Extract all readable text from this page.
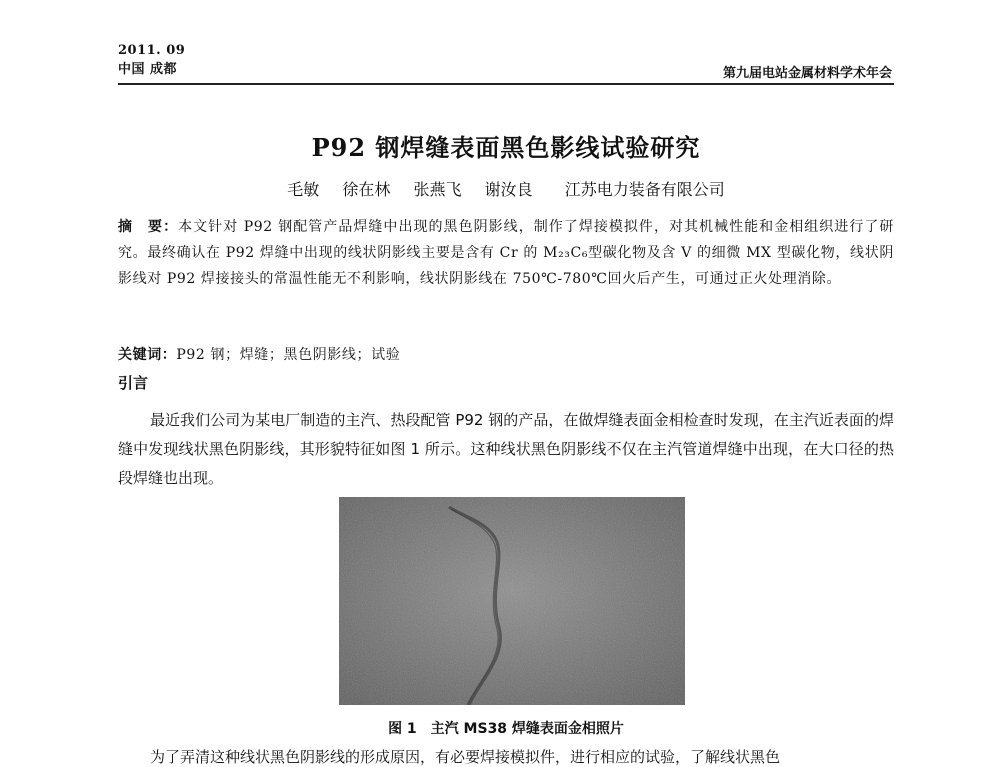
2011. 09
中国 成都	第九届电站金属材料学术年会
P92 钢焊缝表面黑色影线试验研究
毛敏 徐在林 张燕飞 谢汝良 江苏电力装备有限公司
摘　要：本文针对 P92 钢配管产品焊缝中出现的黑色阴影线，制作了焊接模拟件，对其机械性能和金相组织进行了研究。最终确认在 P92 焊缝中出现的线状阴影线主要是含有 Cr 的 M₂₃C₆型碳化物及含 V 的细微 MX 型碳化物，线状阴影线对 P92 焊接接头的常温性能无不利影响，线状阴影线在 750℃-780℃回火后产生，可通过正火处理消除。
关键词：P92 钢；焊缝；黑色阴影线；试验
引言
最近我们公司为某电厂制造的主汽、热段配管 P92 钢的产品，在做焊缝表面金相检查时发现，在主汽近表面的焊缝中发现线状黑色阴影线，其形貌特征如图 1 所示。这种线状黑色阴影线不仅在主汽管道焊缝中出现，在大口径的热段焊缝也出现。
图 1　主汽 MS38 焊缝表面金相照片
为了弄清这种线状黑色阴影线的形成原因，有必要焊接模拟件，进行相应的试验，了解线状黑色
